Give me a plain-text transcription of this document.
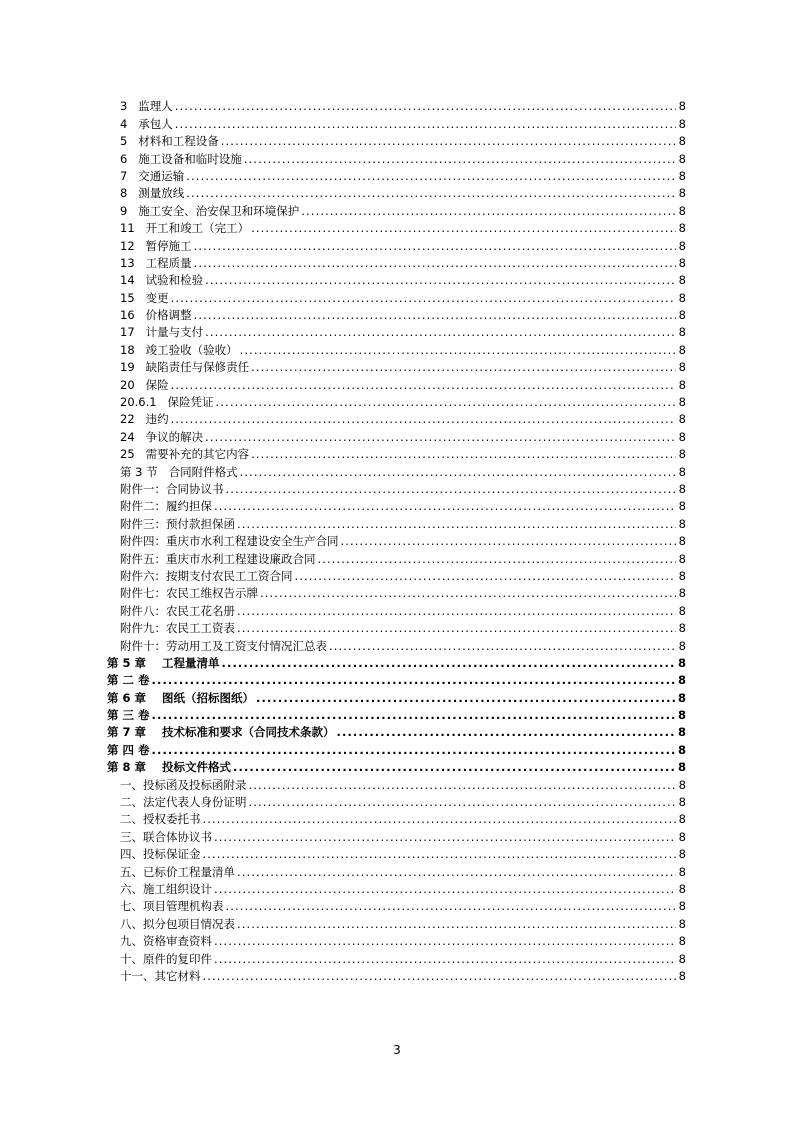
3   监理人 .....	8
4   承包人 .....	8
5   材料和工程设备 .....	8
6   施工设备和临时设施 .....	8
7   交通运输 .....	8
8   测量放线 .....	8
9   施工安全、治安保卫和环境保护 .....	8
11   开工和竣工（完工） .....	8
12   暂停施工 .....	8
13   工程质量 .....	8
14   试验和检验 .....	8
15   变更 .....	8
16   价格调整 .....	8
17   计量与支付 .....	8
18   竣工验收（验收） .....	8
19   缺陷责任与保修责任 .....	8
20   保险 .....	8
20.6.1   保险凭证 .....	8
22   违约 .....	8
24   争议的解决 .....	8
25   需要补充的其它内容 .....	8
第 3 节   合同附件格式 .....	8
附件一：合同协议书 .....	8
附件二：履约担保 .....	8
附件三：预付款担保函 .....	8
附件四：重庆市水利工程建设安全生产合同 .....	8
附件五：重庆市水利工程建设廉政合同 .....	8
附件六：按期支付农民工工资合同 .....	8
附件七：农民工维权告示牌 .....	8
附件八：农民工花名册 .....	8
附件九：农民工工资表 .....	8
附件十：劳动用工及工资支付情况汇总表 .....	8
第 5 章    工程量清单 .....	8
第 二 卷 .....	8
第 6 章    图纸（招标图纸） .....	8
第 三 卷 .....	8
第 7 章    技术标准和要求（合同技术条款） .....	8
第 四 卷 .....	8
第 8 章    投标文件格式 .....	8
一、投标函及投标函附录 .....	8
二、法定代表人身份证明 .....	8
二、授权委托书 .....	8
三、联合体协议书 .....	8
四、投标保证金 .....	8
五、已标价工程量清单 .....	8
六、施工组织设计 .....	8
七、项目管理机构表 .....	8
八、拟分包项目情况表 .....	8
九、资格审查资料 .....	8
十、原件的复印件 .....	8
十一、其它材料 .....	8
3
